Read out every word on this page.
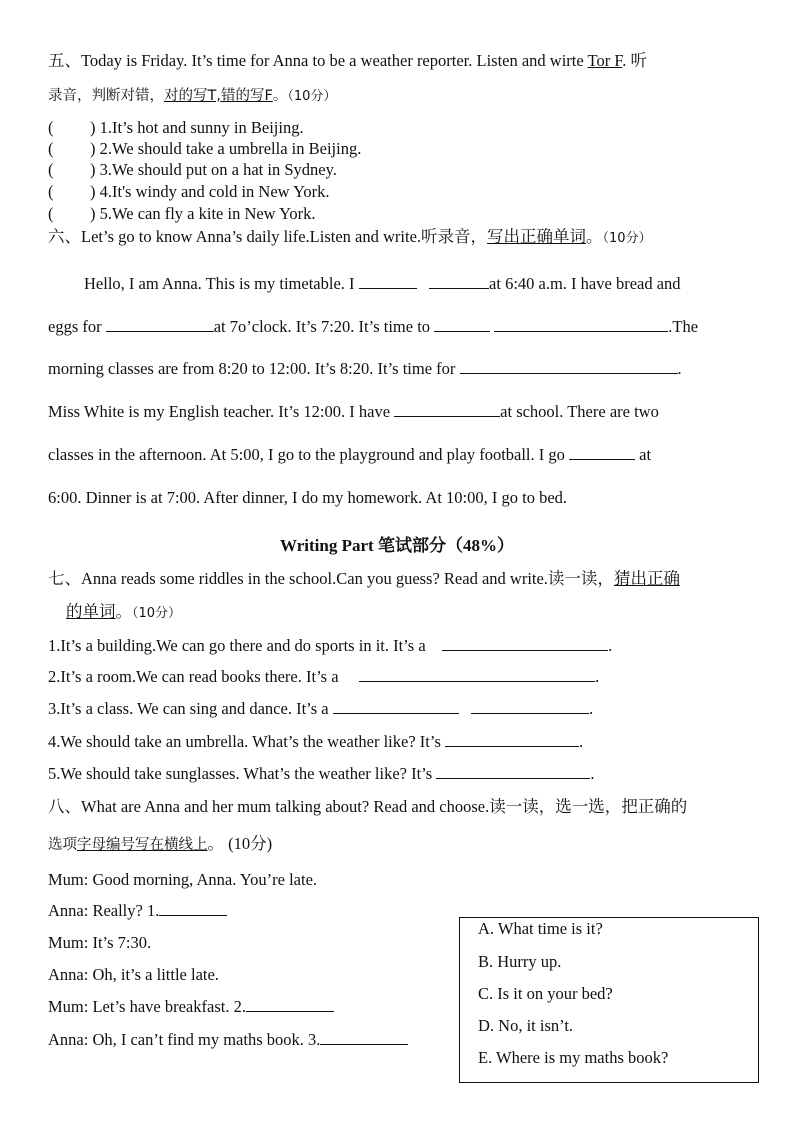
五、Today is Friday. It’s time for Anna to be a weather reporter. Listen and wirte Tor F. 听
录音，判断对错，对的写T,错的写F。（10分）
( ) 1.It’s hot and sunny in Beijing.
( ) 2.We should take a umbrella in Beijing.
( ) 3.We should put on a hat in Sydney.
( ) 4.It's windy and cold in New York.
( ) 5.We can fly a kite in New York.
六、Let’s go to know Anna’s daily life.Listen and write.听录音，写出正确单词。（10分）
Hello, I am Anna. This is my timetable. I	at 6:40 a.m. I have bread and
eggs for	at 7o’clock. It’s 7:20. It’s time to	.The
morning classes are from 8:20 to 12:00. It’s 8:20. It’s time for	.
Miss White is my English teacher. It’s 12:00. I have	at school. There are two
classes in the afternoon. At 5:00, I go to the playground and play football. I go	at
6:00. Dinner is at 7:00. After dinner, I do my homework. At 10:00, I go to bed.
Writing Part 笔试部分（48%）
七、Anna reads some riddles in the school.Can you guess? Read and write.读一读，猜出正确
的单词。（10分）
1.It’s a building.We can go there and do sports in it. It’s a	.
2.It’s a room.We can read books there. It’s a	.
3.It’s a class. We can sing and dance. It’s a	.
4.We should take an umbrella. What’s the weather like? It’s	.
5.We should take sunglasses. What’s the weather like? It’s	.
八、What are Anna and her mum talking about? Read and choose.读一读，选一选，把正确的
选项字母编号写在横线上。 (10分)
Mum: Good morning, Anna. You’re late.
Anna: Really? 1.
Mum: It’s 7:30.
Anna: Oh, it’s a little late.
Mum: Let’s have breakfast. 2.
Anna: Oh, I can’t find my maths book. 3.
A. What time is it?
B. Hurry up.
C. Is it on your bed?
D. No, it isn’t.
E. Where is my maths book?
